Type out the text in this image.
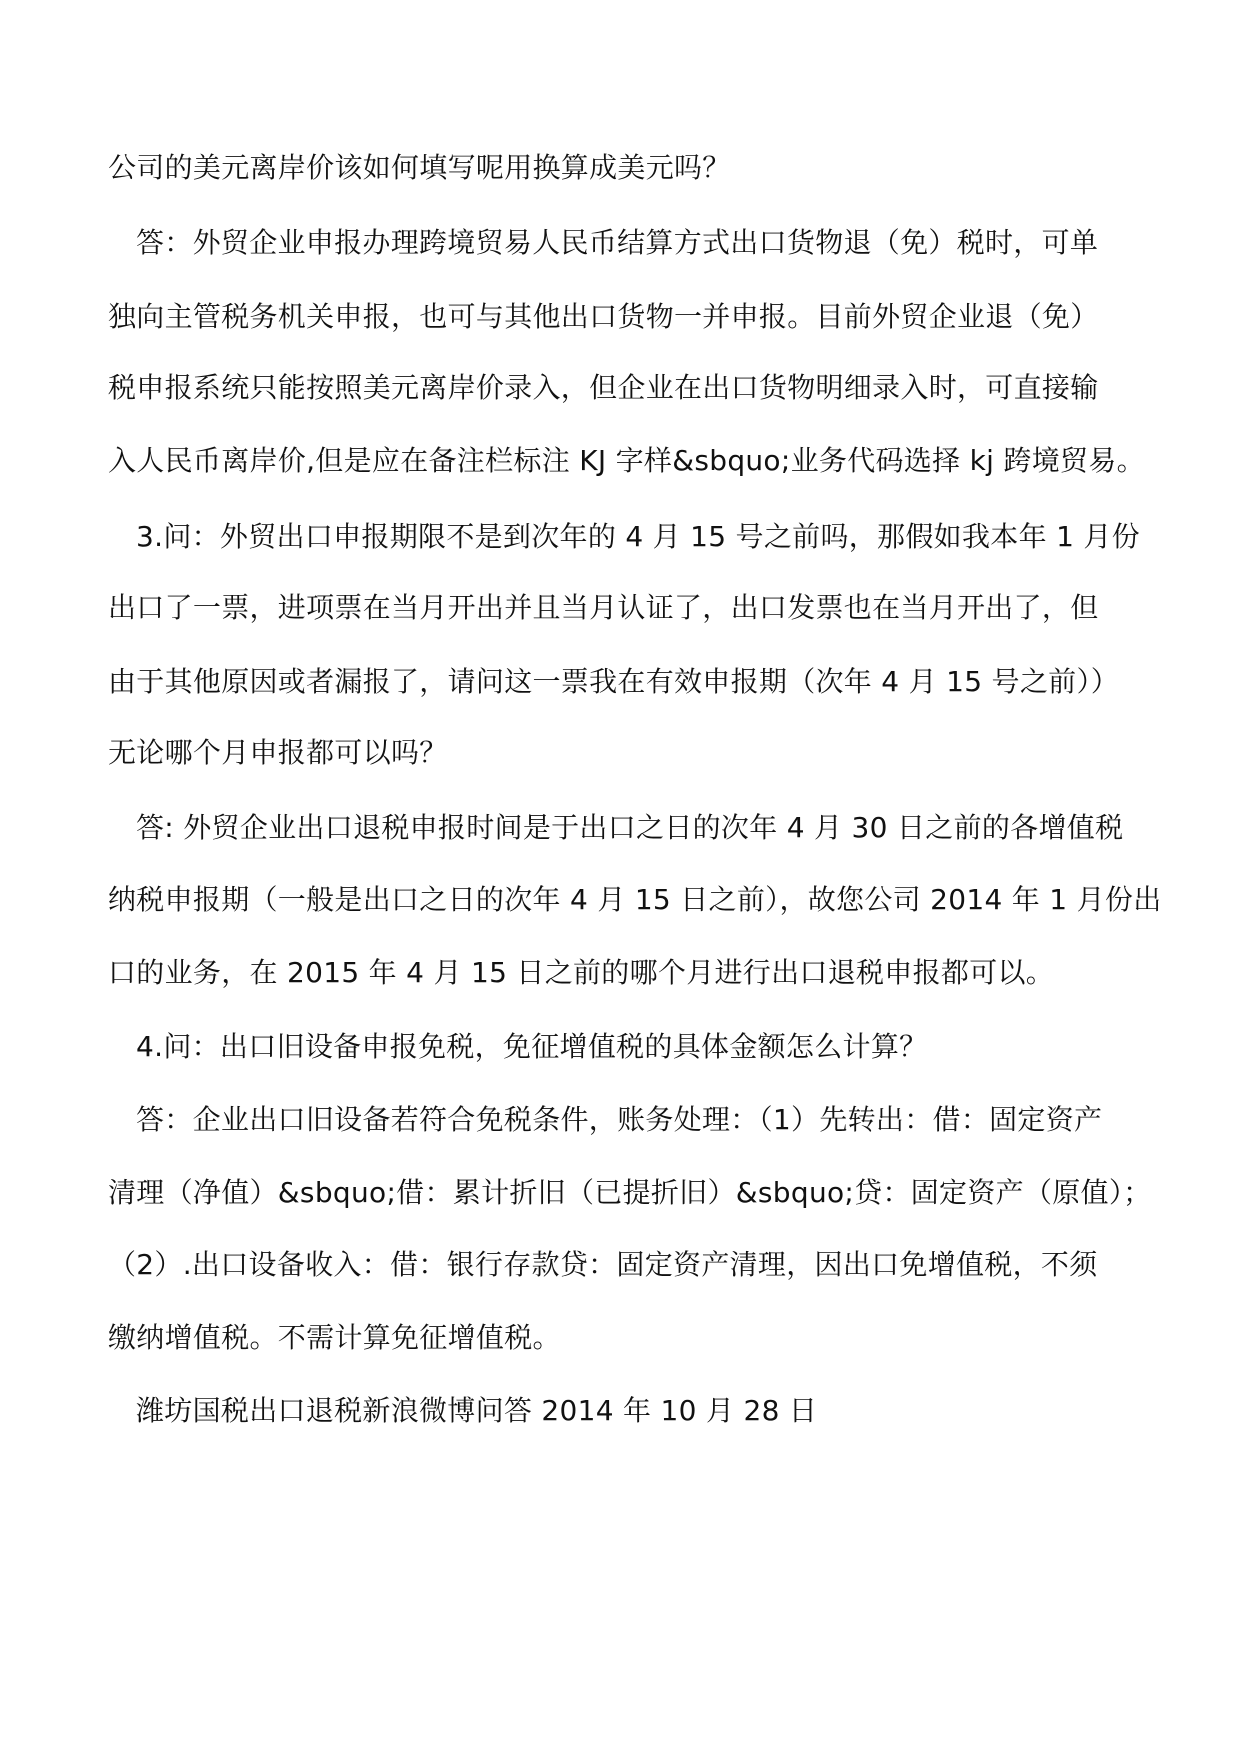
公司的美元离岸价该如何填写呢用换算成美元吗？
答：外贸企业申报办理跨境贸易人民币结算方式出口货物退（免）税时，可单
独向主管税务机关申报，也可与其他出口货物一并申报。目前外贸企业退（免）
税申报系统只能按照美元离岸价录入，但企业在出口货物明细录入时，可直接输
入人民币离岸价,但是应在备注栏标注 KJ 字样&sbquo;业务代码选择 kj 跨境贸易。
3.问：外贸出口申报期限不是到次年的 4 月 15 号之前吗，那假如我本年 1 月份
出口了一票，进项票在当月开出并且当月认证了，出口发票也在当月开出了，但
由于其他原因或者漏报了，请问这一票我在有效申报期（次年 4 月 15 号之前））
无论哪个月申报都可以吗？
答: 外贸企业出口退税申报时间是于出口之日的次年 4 月 30 日之前的各增值税
纳税申报期（一般是出口之日的次年 4 月 15 日之前），故您公司 2014 年 1 月份出
口的业务，在 2015 年 4 月 15 日之前的哪个月进行出口退税申报都可以。
4.问：出口旧设备申报免税，免征增值税的具体金额怎么计算？
答：企业出口旧设备若符合免税条件，账务处理：（1）先转出：借：固定资产
清理（净值）&sbquo;借：累计折旧（已提折旧）&sbquo;贷：固定资产（原值）；
（2）.出口设备收入：借：银行存款贷：固定资产清理，因出口免增值税，不须
缴纳增值税。不需计算免征增值税。
潍坊国税出口退税新浪微博问答 2014 年 10 月 28 日
